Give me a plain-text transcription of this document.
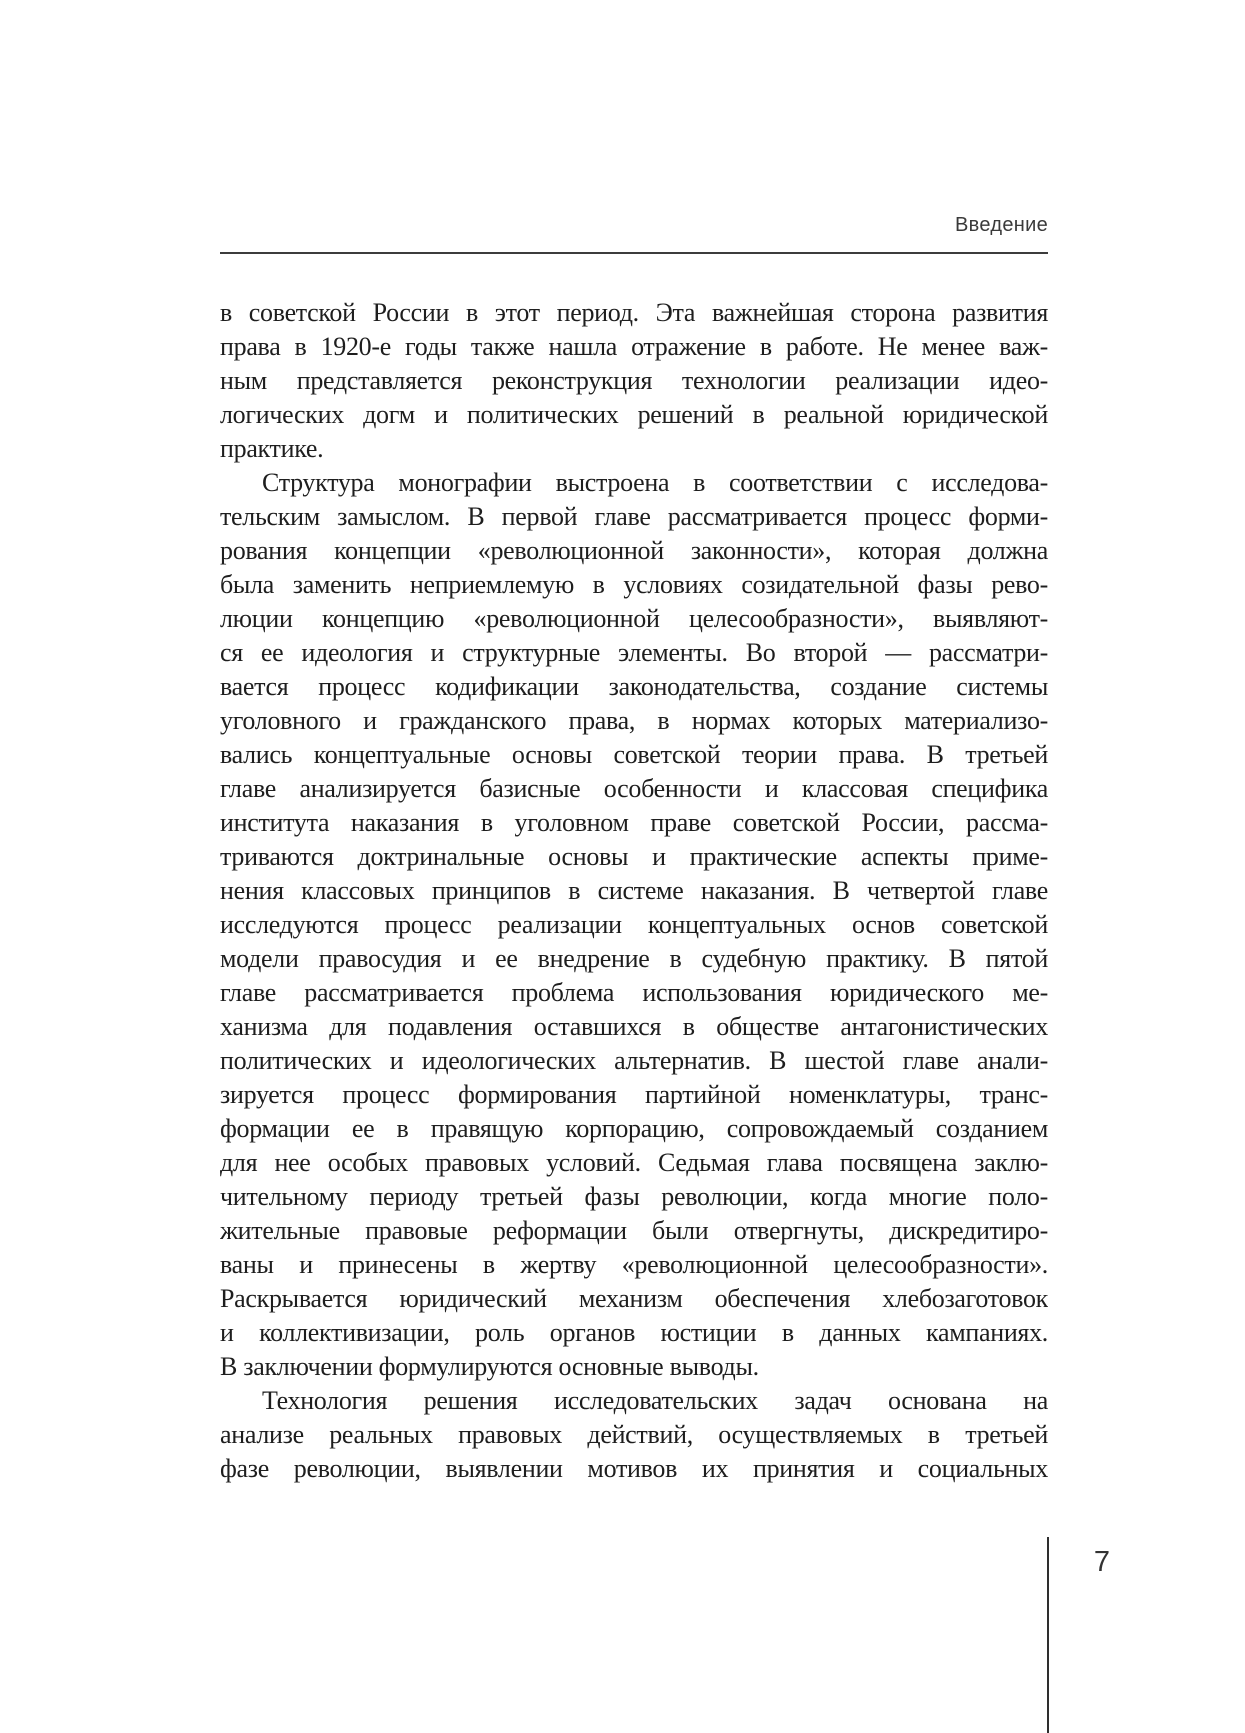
Введение
в советской России в этот период. Эта важнейшая сторона развития
права в 1920-е годы также нашла отражение в работе. Не менее важ-
ным представляется реконструкция технологии реализации идео-
логических догм и политических решений в реальной юридической
практике.
Структура монографии выстроена в соответствии с исследова-
тельским замыслом. В первой главе рассматривается процесс форми-
рования концепции «революционной законности», которая должна
была заменить неприемлемую в условиях созидательной фазы рево-
люции концепцию «революционной целесообразности», выявляют-
ся ее идеология и структурные элементы. Во второй — рассматри-
вается процесс кодификации законодательства, создание системы
уголовного и гражданского права, в нормах которых материализо-
вались концептуальные основы советской теории права. В третьей
главе анализируется базисные особенности и классовая специфика
института наказания в уголовном праве советской России, рассма-
триваются доктринальные основы и практические аспекты приме-
нения классовых принципов в системе наказания. В четвертой главе
исследуются процесс реализации концептуальных основ советской
модели правосудия и ее внедрение в судебную практику. В пятой
главе рассматривается проблема использования юридического ме-
ханизма для подавления оставшихся в обществе антагонистических
политических и идеологических альтернатив. В шестой главе анали-
зируется процесс формирования партийной номенклатуры, транс-
формации ее в правящую корпорацию, сопровождаемый созданием
для нее особых правовых условий. Седьмая глава посвящена заклю-
чительному периоду третьей фазы революции, когда многие поло-
жительные правовые реформации были отвергнуты, дискредитиро-
ваны и принесены в жертву «революционной целесообразности».
Раскрывается юридический механизм обеспечения хлебозаготовок
и коллективизации, роль органов юстиции в данных кампаниях.
В заключении формулируются основные выводы.
Технология решения исследовательских задач основана на
анализе реальных правовых действий, осуществляемых в третьей
фазе революции, выявлении мотивов их принятия и социальных
7
